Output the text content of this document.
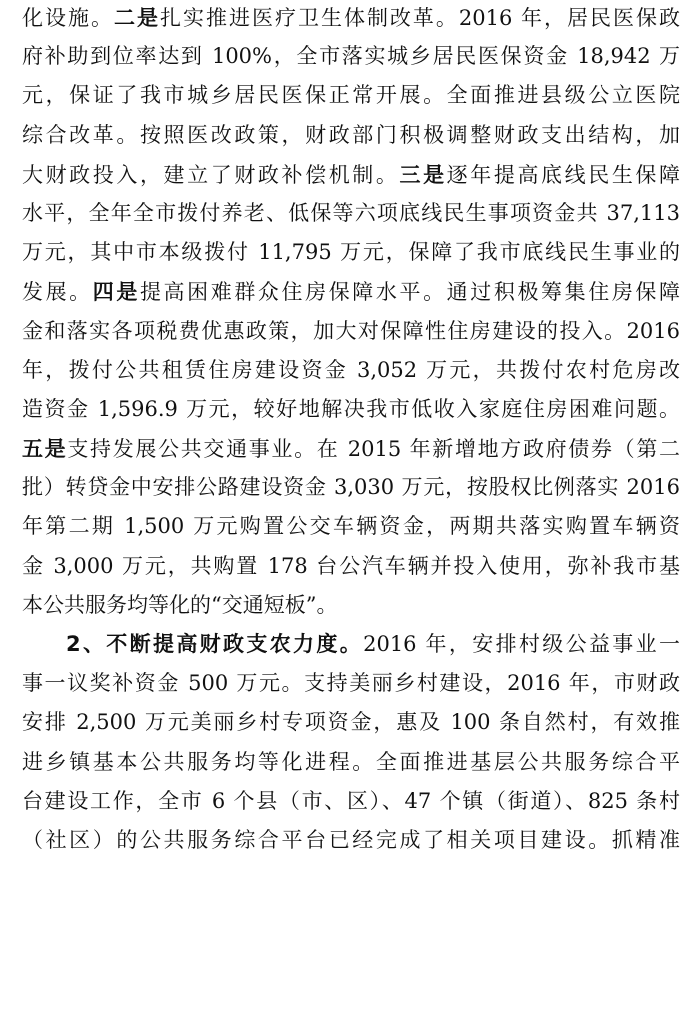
化设施。二是扎实推进医疗卫生体制改革。2016 年，居民医保政
府补助到位率达到 100%，全市落实城乡居民医保资金 18,942 万
元，保证了我市城乡居民医保正常开展。全面推进县级公立医院
综合改革。按照医改政策，财政部门积极调整财政支出结构，加
大财政投入，建立了财政补偿机制。三是逐年提高底线民生保障
水平，全年全市拨付养老、低保等六项底线民生事项资金共 37,113
万元，其中市本级拨付 11,795 万元，保障了我市底线民生事业的
发展。四是提高困难群众住房保障水平。通过积极筹集住房保障
金和落实各项税费优惠政策，加大对保障性住房建设的投入。2016
年，拨付公共租赁住房建设资金 3,052 万元，共拨付农村危房改
造资金 1,596.9 万元，较好地解决我市低收入家庭住房困难问题。
五是支持发展公共交通事业。在 2015 年新增地方政府债券（第二
批）转贷金中安排公路建设资金 3,030 万元，按股权比例落实 2016
年第二期 1,500 万元购置公交车辆资金，两期共落实购置车辆资
金 3,000 万元，共购置 178 台公汽车辆并投入使用，弥补我市基
本公共服务均等化的“交通短板”。
2、不断提高财政支农力度。2016 年，安排村级公益事业一
事一议奖补资金 500 万元。支持美丽乡村建设，2016 年，市财政
安排 2,500 万元美丽乡村专项资金，惠及 100 条自然村，有效推
进乡镇基本公共服务均等化进程。全面推进基层公共服务综合平
台建设工作，全市 6 个县（市、区）、47 个镇（街道）、825 条村
（社区）的公共服务综合平台已经完成了相关项目建设。抓精准
